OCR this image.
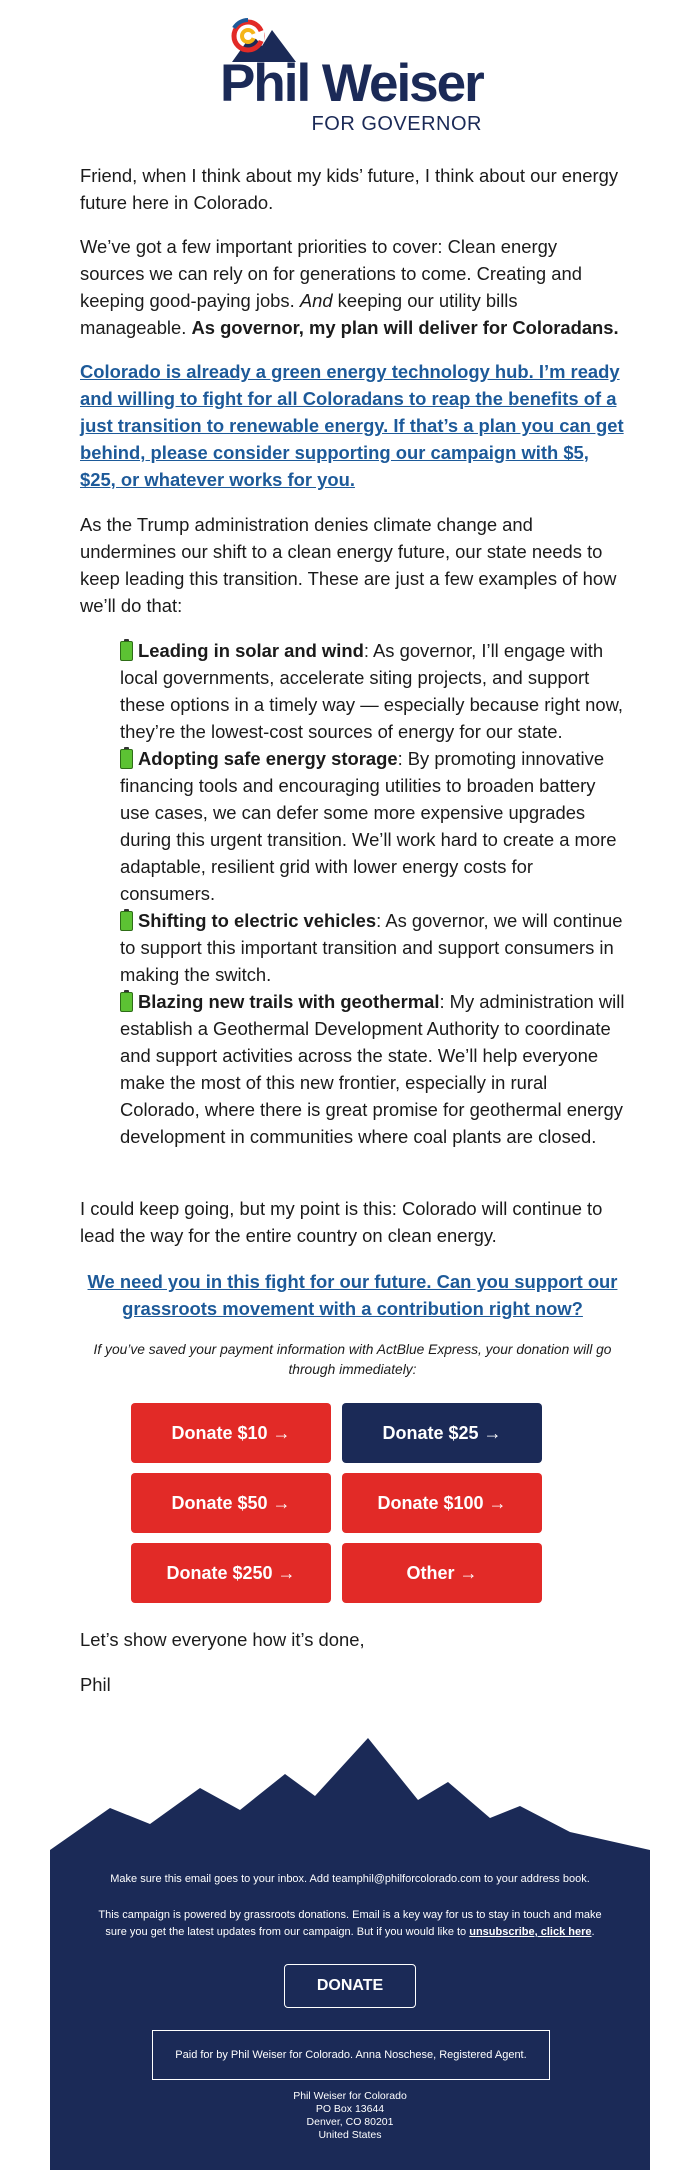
Phil Weiser
FOR GOVERNOR
Friend, when I think about my kids’ future, I think about our energy future here in Colorado.
We’ve got a few important priorities to cover: Clean energy sources we can rely on for generations to come. Creating and keeping good-paying jobs. And keeping our utility bills manageable. As governor, my plan will deliver for Coloradans.
Colorado is already a green energy technology hub. I’m ready and willing to fight for all Coloradans to reap the benefits of a just transition to renewable energy. If that’s a plan you can get behind, please consider supporting our campaign with $5, $25, or whatever works for you.
As the Trump administration denies climate change and undermines our shift to a clean energy future, our state needs to keep leading this transition. These are just a few examples of how we’ll do that:
Leading in solar and wind: As governor, I’ll engage with local governments, accelerate siting projects, and support these options in a timely way — especially because right now, they’re the lowest-cost sources of energy for our state.
Adopting safe energy storage: By promoting innovative financing tools and encouraging utilities to broaden battery use cases, we can defer some more expensive upgrades during this urgent transition. We’ll work hard to create a more adaptable, resilient grid with lower energy costs for consumers.
Shifting to electric vehicles: As governor, we will continue to support this important transition and support consumers in making the switch.
Blazing new trails with geothermal: My administration will establish a Geothermal Development Authority to coordinate and support activities across the state. We’ll help everyone make the most of this new frontier, especially in rural Colorado, where there is great promise for geothermal energy development in communities where coal plants are closed.
I could keep going, but my point is this: Colorado will continue to lead the way for the entire country on clean energy.
We need you in this fight for our future. Can you support our grassroots movement with a contribution right now?
If you’ve saved your payment information with ActBlue Express, your donation will go through immediately:
Donate $10 →	Donate $25 →
Donate $50 →	Donate $100 →
Donate $250 →	Other →
Let’s show everyone how it’s done,
Phil
Make sure this email goes to your inbox. Add teamphil@philforcolorado.com to your address book.
This campaign is powered by grassroots donations. Email is a key way for us to stay in touch and make sure you get the latest updates from our campaign. But if you would like to unsubscribe, click here.
DONATE
Paid for by Phil Weiser for Colorado. Anna Noschese, Registered Agent.
Phil Weiser for Colorado
PO Box 13644
Denver, CO 80201
United States
